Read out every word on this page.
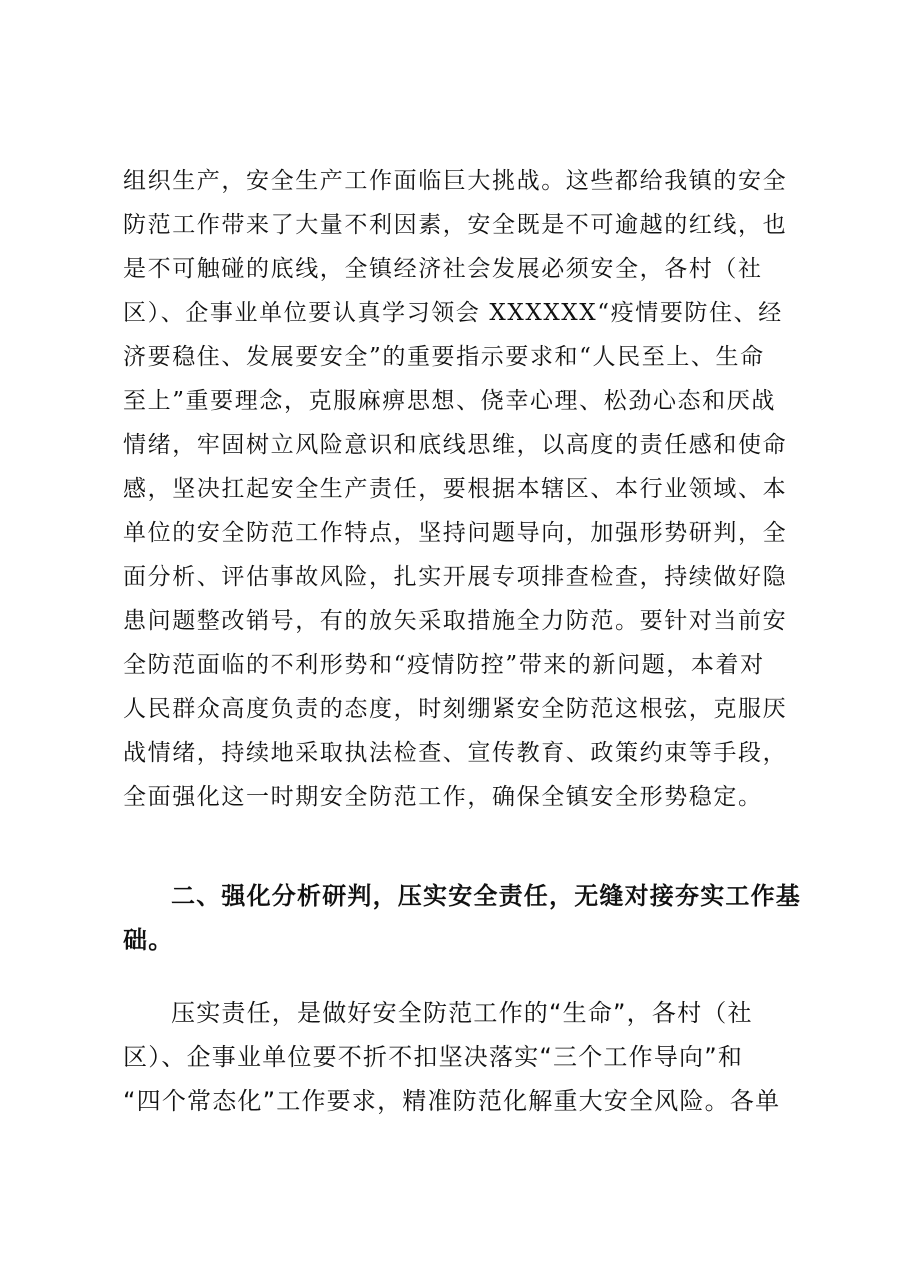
组织生产，安全生产工作面临巨大挑战。这些都给我镇的安全
防范工作带来了大量不利因素，安全既是不可逾越的红线，也
是不可触碰的底线，全镇经济社会发展必须安全，各村（社
区）、企事业单位要认真学习领会 XXXXXX“疫情要防住、经
济要稳住、发展要安全”的重要指示要求和“人民至上、生命
至上”重要理念，克服麻痹思想、侥幸心理、松劲心态和厌战
情绪，牢固树立风险意识和底线思维，以高度的责任感和使命
感，坚决扛起安全生产责任，要根据本辖区、本行业领域、本
单位的安全防范工作特点，坚持问题导向，加强形势研判，全
面分析、评估事故风险，扎实开展专项排查检查，持续做好隐
患问题整改销号，有的放矢采取措施全力防范。要针对当前安
全防范面临的不利形势和“疫情防控”带来的新问题，本着对
人民群众高度负责的态度，时刻绷紧安全防范这根弦，克服厌
战情绪，持续地采取执法检查、宣传教育、政策约束等手段，
全面强化这一时期安全防范工作，确保全镇安全形势稳定。
二、强化分析研判，压实安全责任，无缝对接夯实工作基
础。
压实责任，是做好安全防范工作的“生命”，各村（社
区）、企事业单位要不折不扣坚决落实“三个工作导向”和
“四个常态化”工作要求，精准防范化解重大安全风险。各单
